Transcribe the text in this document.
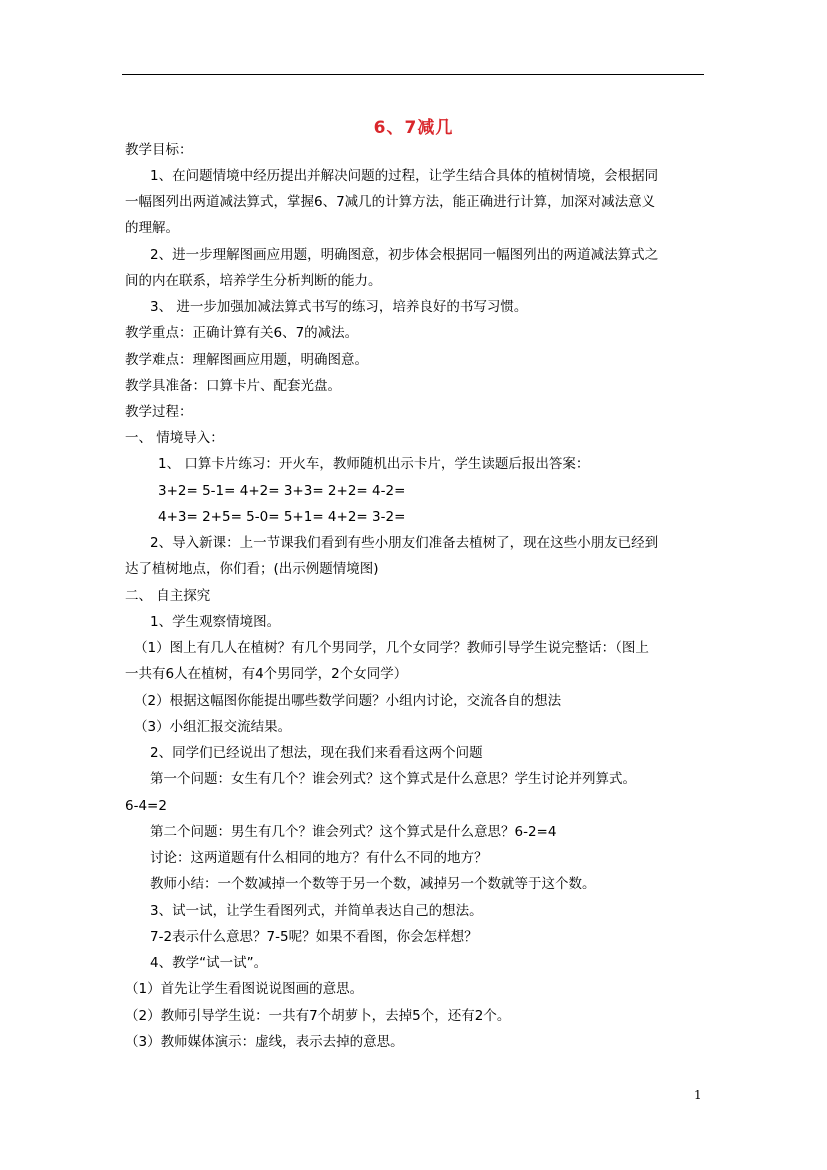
6、7减几
教学目标：
1、在问题情境中经历提出并解决问题的过程，让学生结合具体的植树情境，会根据同
一幅图列出两道减法算式，掌握6、7减几的计算方法，能正确进行计算，加深对减法意义
的理解。
2、进一步理解图画应用题，明确图意，初步体会根据同一幅图列出的两道减法算式之
间的内在联系，培养学生分析判断的能力。
3、 进一步加强加减法算式书写的练习，培养良好的书写习惯。
教学重点：正确计算有关6、7的减法。
教学难点：理解图画应用题，明确图意。
教学具准备：口算卡片、配套光盘。
教学过程：
一、 情境导入：
1、 口算卡片练习：开火车，教师随机出示卡片，学生读题后报出答案：
3+2= 5-1= 4+2= 3+3= 2+2= 4-2=
4+3= 2+5= 5-0= 5+1= 4+2= 3-2=
2、导入新课：上一节课我们看到有些小朋友们准备去植树了，现在这些小朋友已经到
达了植树地点，你们看；(出示例题情境图)
二、 自主探究
1、学生观察情境图。
（1）图上有几人在植树？有几个男同学，几个女同学？教师引导学生说完整话：（图上
一共有6人在植树，有4个男同学，2个女同学）
（2）根据这幅图你能提出哪些数学问题？小组内讨论，交流各自的想法
（3）小组汇报交流结果。
2、同学们已经说出了想法，现在我们来看看这两个问题
第一个问题：女生有几个？谁会列式？这个算式是什么意思？学生讨论并列算式。
6-4=2
第二个问题：男生有几个？谁会列式？这个算式是什么意思？6-2=4
讨论：这两道题有什么相同的地方？有什么不同的地方？
教师小结：一个数减掉一个数等于另一个数，减掉另一个数就等于这个数。
3、试一试，让学生看图列式，并简单表达自己的想法。
7-2表示什么意思？7-5呢？如果不看图，你会怎样想？
4、教学“试一试”。
（1）首先让学生看图说说图画的意思。
（2）教师引导学生说：一共有7个胡萝卜，去掉5个，还有2个。
（3）教师媒体演示：虚线，表示去掉的意思。
1
